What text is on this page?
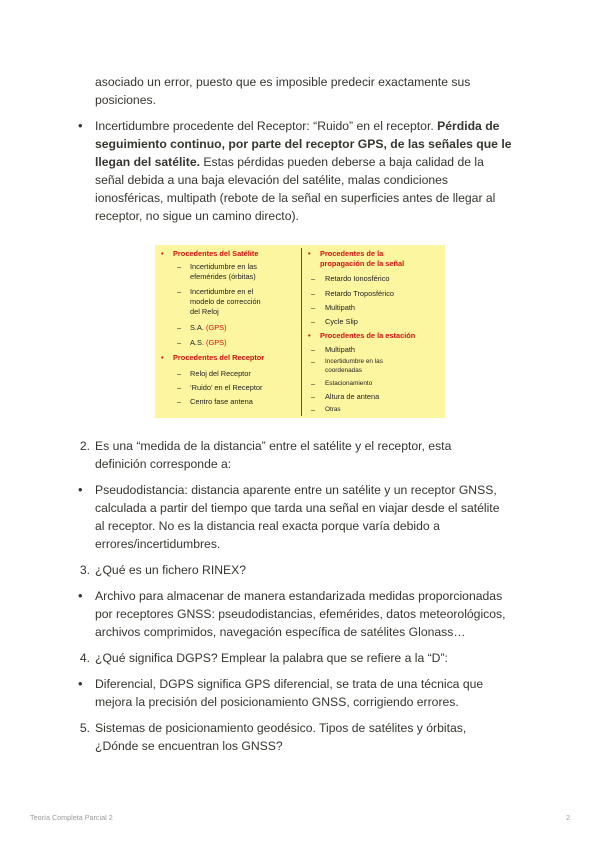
asociado un error, puesto que es imposible predecir exactamente sus
posiciones.
• Incertidumbre procedente del Receptor: “Ruido” en el receptor. Pérdida de
seguimiento continuo, por parte del receptor GPS, de las señales que le
llegan del satélite. Estas pérdidas pueden deberse a baja calidad de la
señal debida a una baja elevación del satélite, malas condiciones
ionosféricas, multipath (rebote de la señal en superficies antes de llegar al
receptor, no sigue un camino directo).
• Procedentes del Satélite
– Incertidumbre en las
efemérides (órbitas)
– Incertidumbre en el
modelo de corrección
del Reloj
– S.A. (GPS)
– A.S. (GPS)
• Procedentes del Receptor
– Reloj del Receptor
– ‘Ruido’ en el Receptor
– Centro fase antena
• Procedentes de la
propagación de la señal
– Retardo Ionosférico
– Retardo Troposférico
– Multipath
– Cycle Slip
• Procedentes de la estación
– Multipath
– Incertidumbre en las
coordenadas
– Estacionamiento
– Altura de antena
– Otras
2. Es una “medida de la distancia” entre el satélite y el receptor, esta
definición corresponde a:
• Pseudodistancia: distancia aparente entre un satélite y un receptor GNSS,
calculada a partir del tiempo que tarda una señal en viajar desde el satélite
al receptor. No es la distancia real exacta porque varía debido a
errores/incertidumbres.
3. ¿Qué es un fichero RINEX?
• Archivo para almacenar de manera estandarizada medidas proporcionadas
por receptores GNSS: pseudodistancias, efemérides, datos meteorológicos,
archivos comprimidos, navegación específica de satélites Glonass…
4. ¿Qué significa DGPS? Emplear la palabra que se refiere a la “D”:
• Diferencial, DGPS significa GPS diferencial, se trata de una técnica que
mejora la precisión del posicionamiento GNSS, corrigiendo errores.
5. Sistemas de posicionamiento geodésico. Tipos de satélites y órbitas,
¿Dónde se encuentran los GNSS?
Teoría Completa Parcial 2	2
